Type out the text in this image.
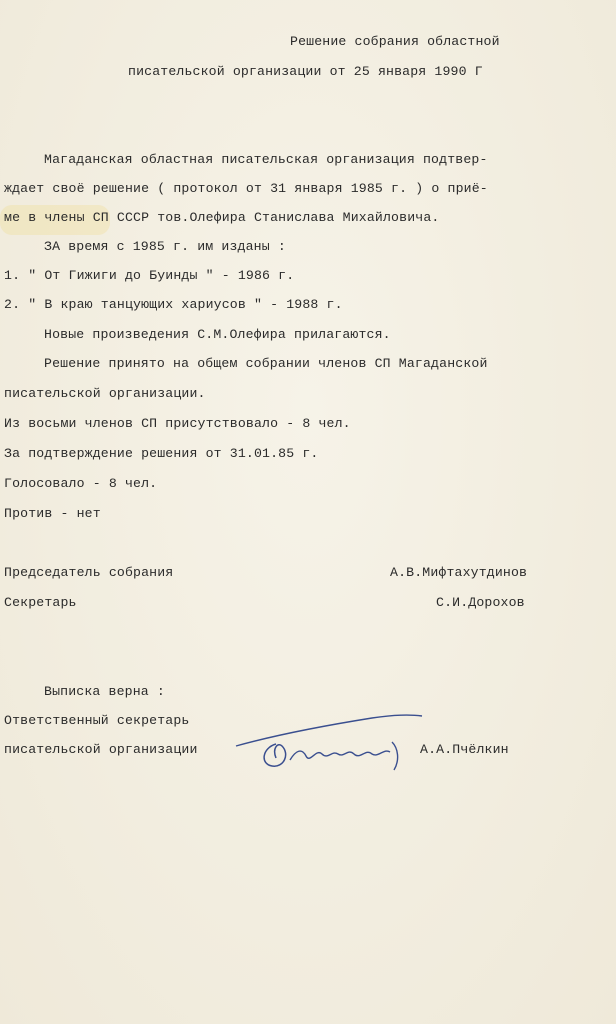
Решение собрания областной
писательской организации от 25 января 1990 Г
Магаданская областная писательская организация подтвер-
ждает своё решение ( протокол от 31 января 1985 г. ) о приё-
ме в члены СП СССР тов.Олефира Станислава Михайловича.
ЗА время с 1985 г. им изданы :
1. " От Гижиги до Буинды " - 1986 г.
2. " В краю танцующих хариусов " - 1988 г.
Новые произведения С.М.Олефира прилагаются.
Решение принято на общем собрании членов СП Магаданской
писательской организации.
Из восьми членов СП присутствовало - 8 чел.
За подтверждение решения от 31.01.85 г.
Голосовало - 8 чел.
Против - нет
Председатель собрания	А.В.Мифтахутдинов
Секретарь	С.И.Дорохов
Выписка верна :
Ответственный секретарь
писательской организации	А.А.Пчёлкин
